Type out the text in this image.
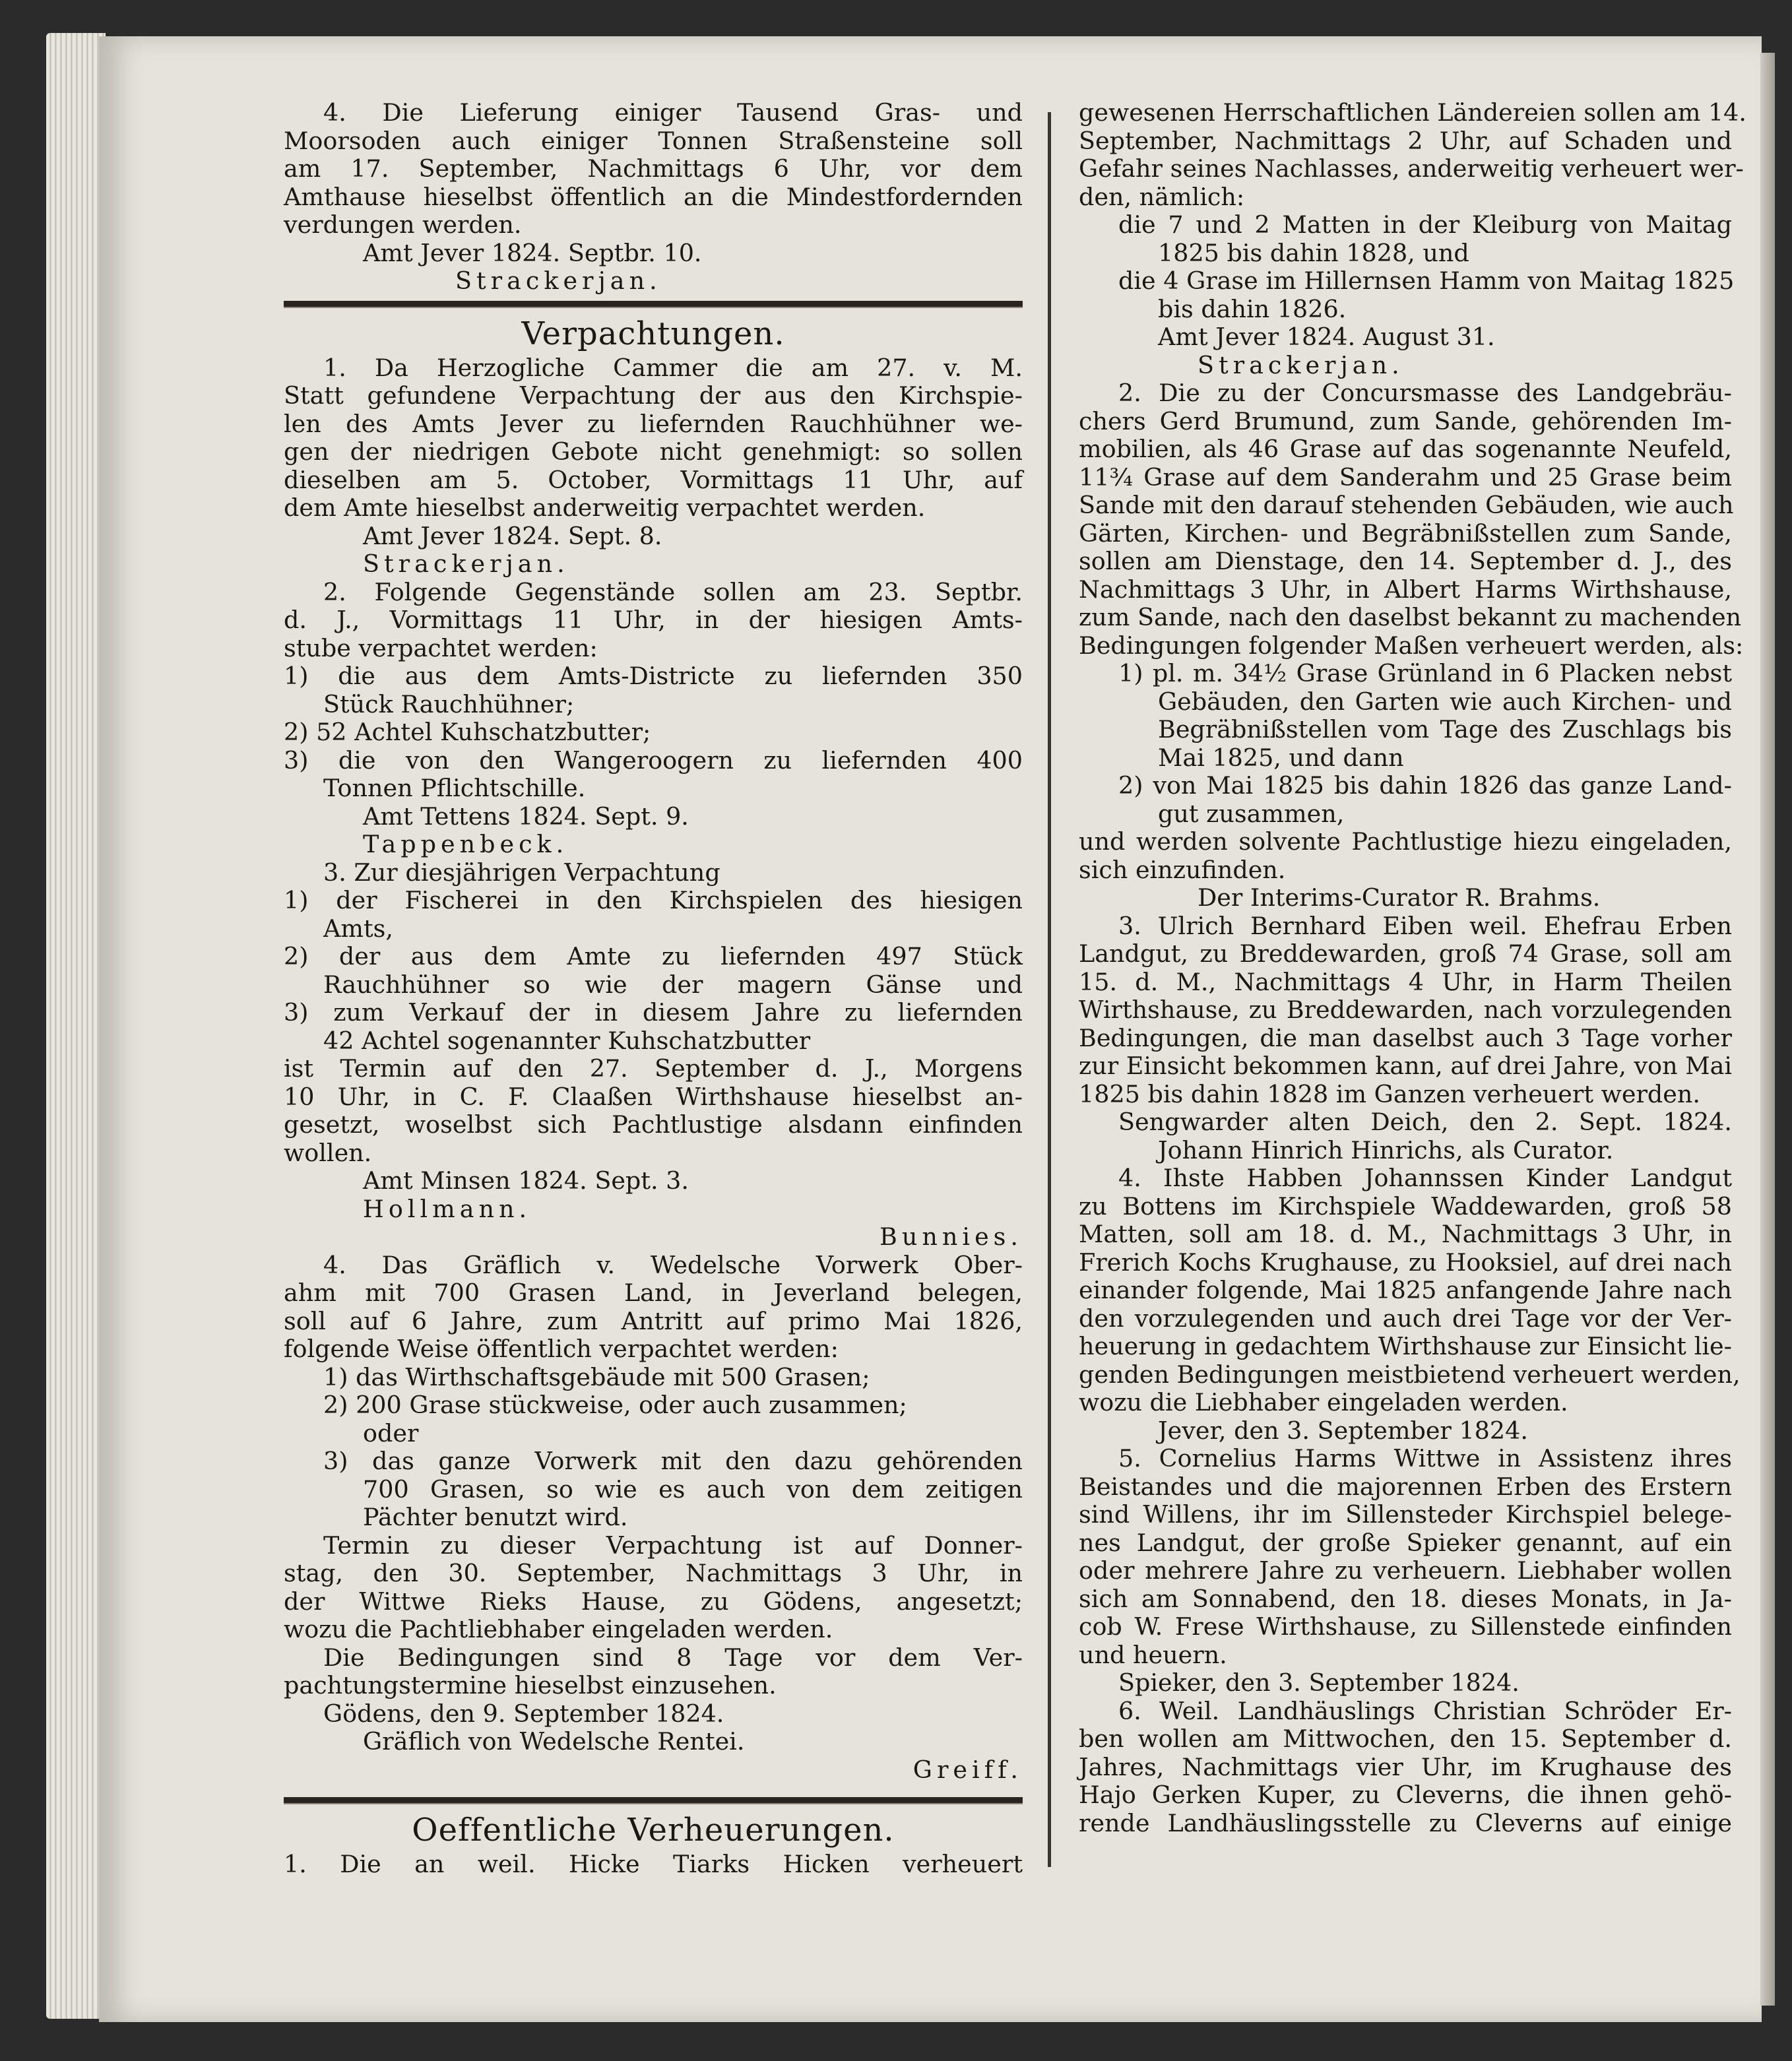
4. Die Lieferung einiger Tausend Gras- und
Moorsoden auch einiger Tonnen Straßensteine soll
am 17. September, Nachmittags 6 Uhr, vor dem
Amthause hieselbst öffentlich an die Mindestfordernden
verdungen werden.
Amt Jever 1824. Septbr. 10.
Strackerjan.
Verpachtungen.
1. Da Herzogliche Cammer die am 27. v. M.
Statt gefundene Verpachtung der aus den Kirchspie-
len des Amts Jever zu liefernden Rauchhühner we-
gen der niedrigen Gebote nicht genehmigt: so sollen
dieselben am 5. October, Vormittags 11 Uhr, auf
dem Amte hieselbst anderweitig verpachtet werden.
Amt Jever 1824. Sept. 8.
Strackerjan.
2. Folgende Gegenstände sollen am 23. Septbr.
d. J., Vormittags 11 Uhr, in der hiesigen Amts-
stube verpachtet werden:
1) die aus dem Amts-Districte zu liefernden 350
Stück Rauchhühner;
2) 52 Achtel Kuhschatzbutter;
3) die von den Wangeroogern zu liefernden 400
Tonnen Pflichtschille.
Amt Tettens 1824. Sept. 9.
Tappenbeck.
3. Zur diesjährigen Verpachtung
1) der Fischerei in den Kirchspielen des hiesigen
Amts,
2) der aus dem Amte zu liefernden 497 Stück
Rauchhühner so wie der magern Gänse und
3) zum Verkauf der in diesem Jahre zu liefernden
42 Achtel sogenannter Kuhschatzbutter
ist Termin auf den 27. September d. J., Morgens
10 Uhr, in C. F. Claaßen Wirthshause hieselbst an-
gesetzt, woselbst sich Pachtlustige alsdann einfinden
wollen.
Amt Minsen 1824. Sept. 3.
Hollmann.
Bunnies.
4. Das Gräflich v. Wedelsche Vorwerk Ober-
ahm mit 700 Grasen Land, in Jeverland belegen,
soll auf 6 Jahre, zum Antritt auf primo Mai 1826,
folgende Weise öffentlich verpachtet werden:
1) das Wirthschaftsgebäude mit 500 Grasen;
2) 200 Grase stückweise, oder auch zusammen;
oder
3) das ganze Vorwerk mit den dazu gehörenden
700 Grasen, so wie es auch von dem zeitigen
Pächter benutzt wird.
Termin zu dieser Verpachtung ist auf Donner-
stag, den 30. September, Nachmittags 3 Uhr, in
der Wittwe Rieks Hause, zu Gödens, angesetzt;
wozu die Pachtliebhaber eingeladen werden.
Die Bedingungen sind 8 Tage vor dem Ver-
pachtungstermine hieselbst einzusehen.
Gödens, den 9. September 1824.
Gräflich von Wedelsche Rentei.
Greiff.
Oeffentliche Verheuerungen.
1. Die an weil. Hicke Tiarks Hicken verheuert
gewesenen Herrschaftlichen Ländereien sollen am 14.
September, Nachmittags 2 Uhr, auf Schaden und
Gefahr seines Nachlasses, anderweitig verheuert wer-
den, nämlich:
die 7 und 2 Matten in der Kleiburg von Maitag
1825 bis dahin 1828, und
die 4 Grase im Hillernsen Hamm von Maitag 1825
bis dahin 1826.
Amt Jever 1824. August 31.
Strackerjan.
2. Die zu der Concursmasse des Landgebräu-
chers Gerd Brumund, zum Sande, gehörenden Im-
mobilien, als 46 Grase auf das sogenannte Neufeld,
11¾ Grase auf dem Sanderahm und 25 Grase beim
Sande mit den darauf stehenden Gebäuden, wie auch
Gärten, Kirchen- und Begräbnißstellen zum Sande,
sollen am Dienstage, den 14. September d. J., des
Nachmittags 3 Uhr, in Albert Harms Wirthshause,
zum Sande, nach den daselbst bekannt zu machenden
Bedingungen folgender Maßen verheuert werden, als:
1) pl. m. 34½ Grase Grünland in 6 Placken nebst
Gebäuden, den Garten wie auch Kirchen- und
Begräbnißstellen vom Tage des Zuschlags bis
Mai 1825, und dann
2) von Mai 1825 bis dahin 1826 das ganze Land-
gut zusammen,
und werden solvente Pachtlustige hiezu eingeladen,
sich einzufinden.
Der Interims-Curator R. Brahms.
3. Ulrich Bernhard Eiben weil. Ehefrau Erben
Landgut, zu Breddewarden, groß 74 Grase, soll am
15. d. M., Nachmittags 4 Uhr, in Harm Theilen
Wirthshause, zu Breddewarden, nach vorzulegenden
Bedingungen, die man daselbst auch 3 Tage vorher
zur Einsicht bekommen kann, auf drei Jahre, von Mai
1825 bis dahin 1828 im Ganzen verheuert werden.
Sengwarder alten Deich, den 2. Sept. 1824.
Johann Hinrich Hinrichs, als Curator.
4. Ihste Habben Johannssen Kinder Landgut
zu Bottens im Kirchspiele Waddewarden, groß 58
Matten, soll am 18. d. M., Nachmittags 3 Uhr, in
Frerich Kochs Krughause, zu Hooksiel, auf drei nach
einander folgende, Mai 1825 anfangende Jahre nach
den vorzulegenden und auch drei Tage vor der Ver-
heuerung in gedachtem Wirthshause zur Einsicht lie-
genden Bedingungen meistbietend verheuert werden,
wozu die Liebhaber eingeladen werden.
Jever, den 3. September 1824.
5. Cornelius Harms Wittwe in Assistenz ihres
Beistandes und die majorennen Erben des Erstern
sind Willens, ihr im Sillensteder Kirchspiel belege-
nes Landgut, der große Spieker genannt, auf ein
oder mehrere Jahre zu verheuern. Liebhaber wollen
sich am Sonnabend, den 18. dieses Monats, in Ja-
cob W. Frese Wirthshause, zu Sillenstede einfinden
und heuern.
Spieker, den 3. September 1824.
6. Weil. Landhäuslings Christian Schröder Er-
ben wollen am Mittwochen, den 15. September d.
Jahres, Nachmittags vier Uhr, im Krughause des
Hajo Gerken Kuper, zu Cleverns, die ihnen gehö-
rende Landhäuslingsstelle zu Cleverns auf einige
